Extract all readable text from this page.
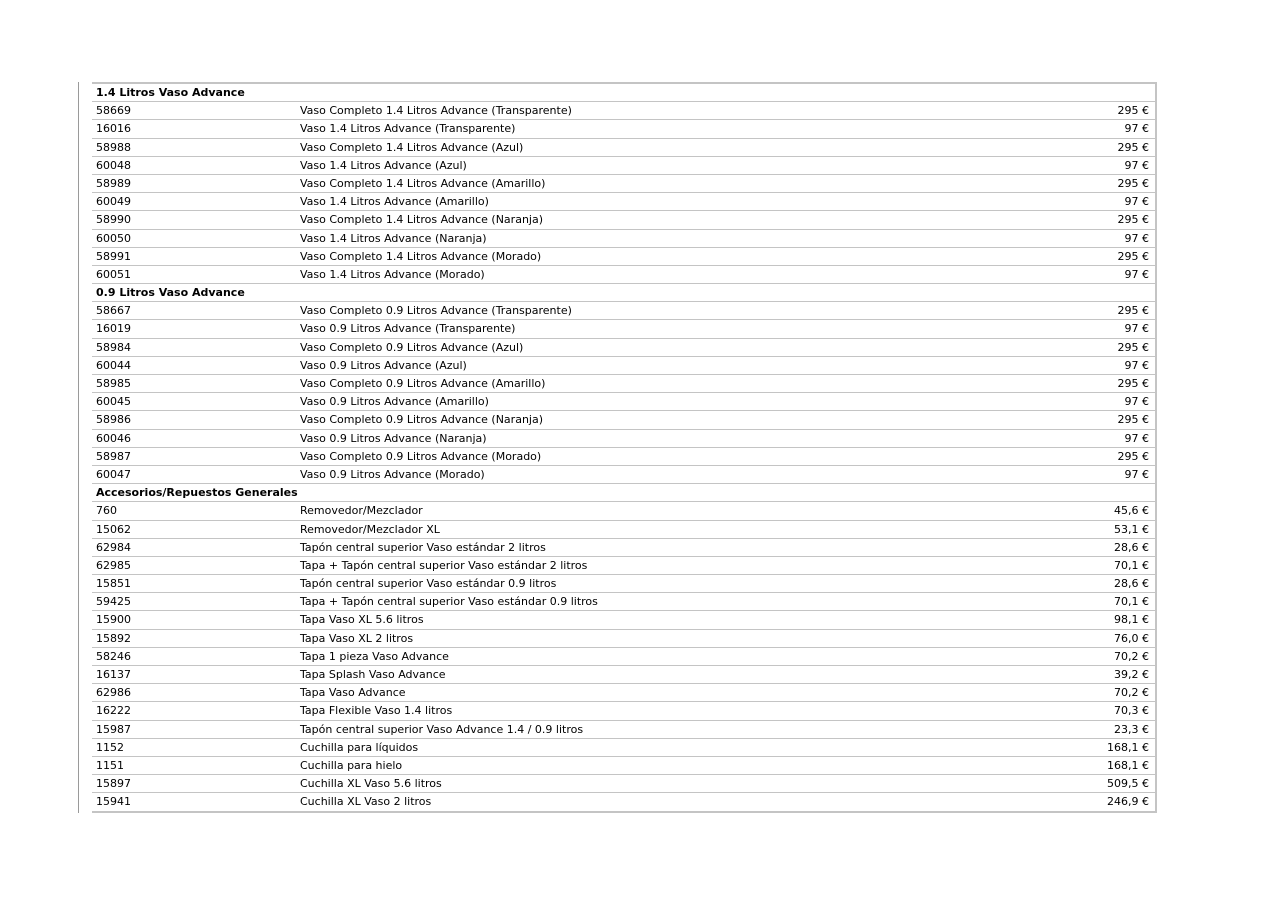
1.4 Litros Vaso Advance
58669	Vaso Completo 1.4 Litros Advance (Transparente)	295 €
16016	Vaso 1.4 Litros Advance (Transparente)	97 €
58988	Vaso Completo 1.4 Litros Advance (Azul)	295 €
60048	Vaso 1.4 Litros Advance (Azul)	97 €
58989	Vaso Completo 1.4 Litros Advance (Amarillo)	295 €
60049	Vaso 1.4 Litros Advance (Amarillo)	97 €
58990	Vaso Completo 1.4 Litros Advance (Naranja)	295 €
60050	Vaso 1.4 Litros Advance (Naranja)	97 €
58991	Vaso Completo 1.4 Litros Advance (Morado)	295 €
60051	Vaso 1.4 Litros Advance (Morado)	97 €
0.9 Litros Vaso Advance
58667	Vaso Completo 0.9 Litros Advance (Transparente)	295 €
16019	Vaso 0.9 Litros Advance (Transparente)	97 €
58984	Vaso Completo 0.9 Litros Advance (Azul)	295 €
60044	Vaso 0.9 Litros Advance (Azul)	97 €
58985	Vaso Completo 0.9 Litros Advance (Amarillo)	295 €
60045	Vaso 0.9 Litros Advance (Amarillo)	97 €
58986	Vaso Completo 0.9 Litros Advance (Naranja)	295 €
60046	Vaso 0.9 Litros Advance (Naranja)	97 €
58987	Vaso Completo 0.9 Litros Advance (Morado)	295 €
60047	Vaso 0.9 Litros Advance (Morado)	97 €
Accesorios/Repuestos Generales
760	Removedor/Mezclador	45,6 €
15062	Removedor/Mezclador XL	53,1 €
62984	Tapón central superior Vaso estándar 2 litros	28,6 €
62985	Tapa + Tapón central superior Vaso estándar 2 litros	70,1 €
15851	Tapón central superior Vaso estándar 0.9 litros	28,6 €
59425	Tapa + Tapón central superior Vaso estándar 0.9 litros	70,1 €
15900	Tapa Vaso XL 5.6 litros	98,1 €
15892	Tapa Vaso XL 2 litros	76,0 €
58246	Tapa 1 pieza Vaso Advance	70,2 €
16137	Tapa Splash Vaso Advance	39,2 €
62986	Tapa Vaso Advance	70,2 €
16222	Tapa Flexible Vaso 1.4 litros	70,3 €
15987	Tapón central superior Vaso Advance 1.4 / 0.9 litros	23,3 €
1152	Cuchilla para líquidos	168,1 €
1151	Cuchilla para hielo	168,1 €
15897	Cuchilla XL Vaso 5.6 litros	509,5 €
15941	Cuchilla XL Vaso 2 litros	246,9 €
